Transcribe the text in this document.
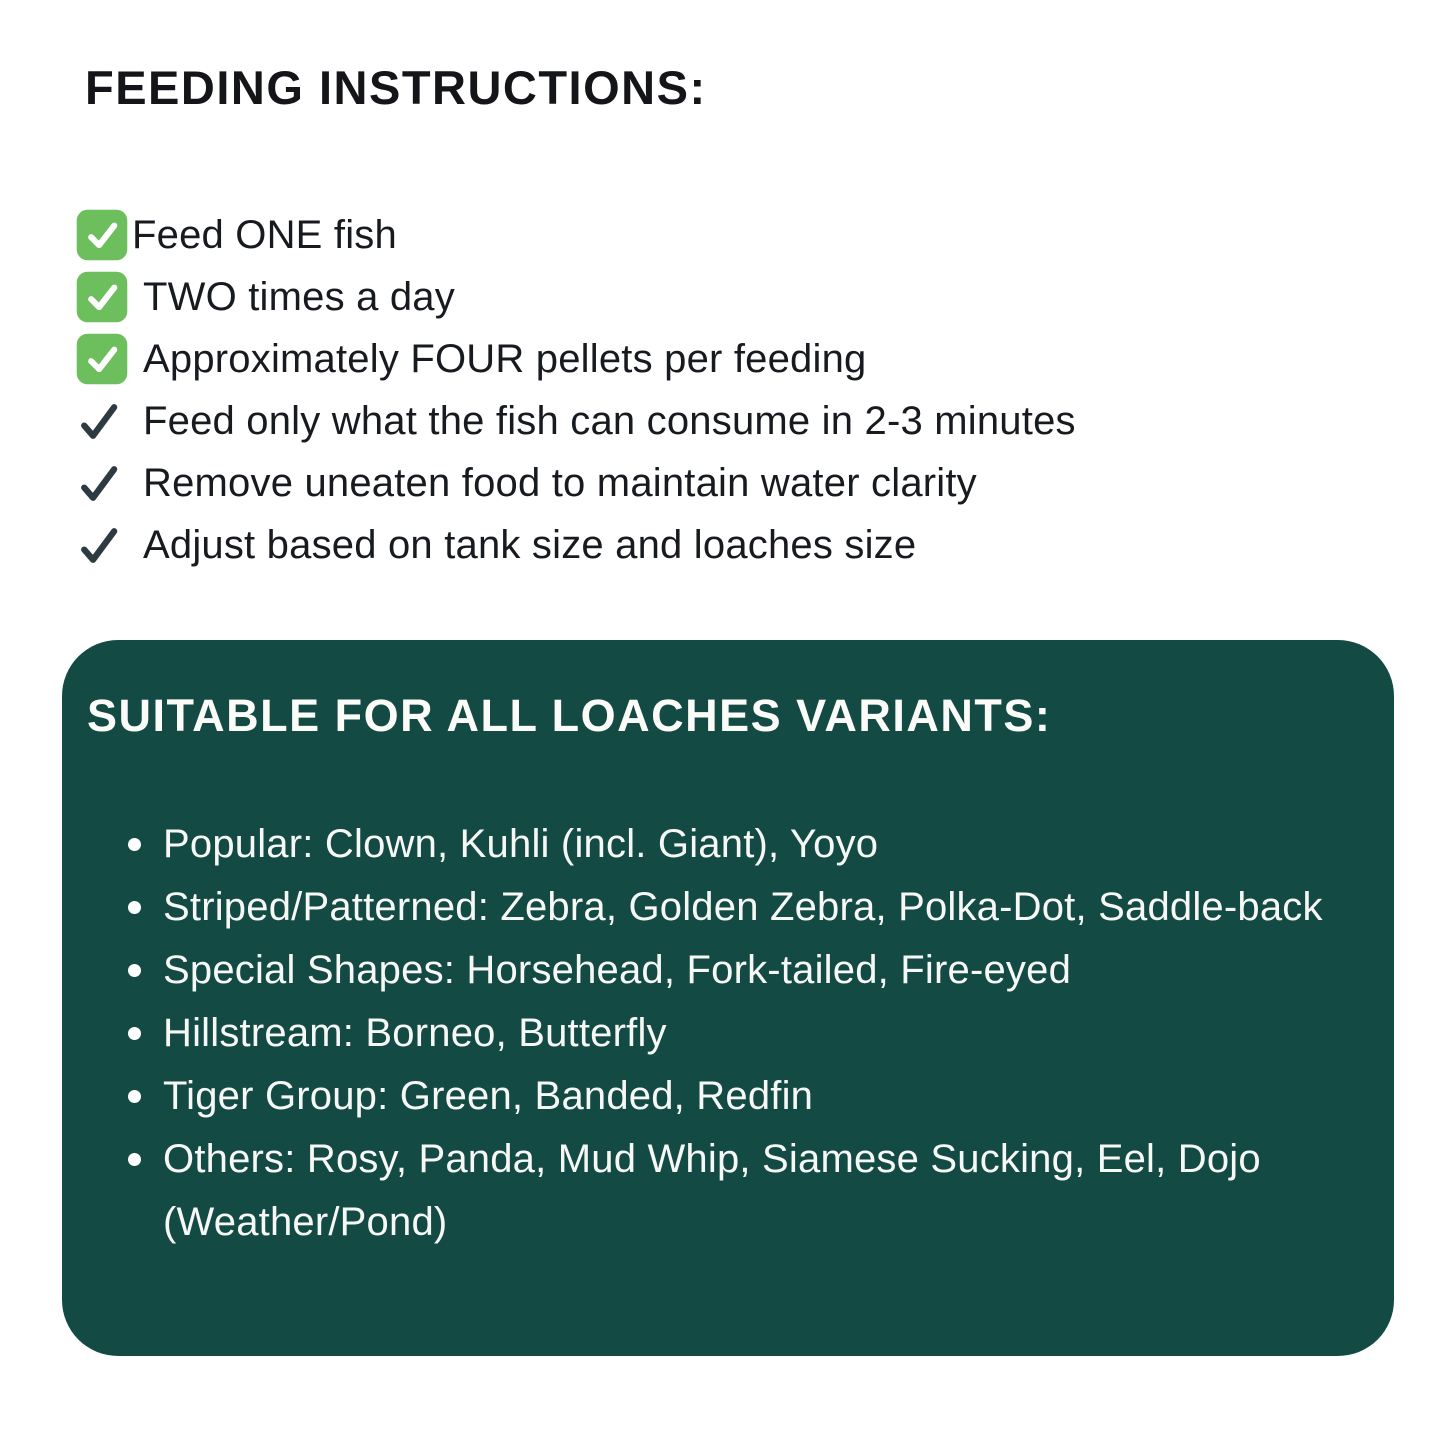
FEEDING INSTRUCTIONS:
Feed ONE fish
TWO times a day
Approximately FOUR pellets per feeding
Feed only what the fish can consume in 2-3 minutes
Remove uneaten food to maintain water clarity
Adjust based on tank size and loaches size
SUITABLE FOR ALL LOACHES VARIANTS:
Popular: Clown, Kuhli (incl. Giant), Yoyo
Striped/Patterned: Zebra, Golden Zebra, Polka-Dot, Saddle-back
Special Shapes: Horsehead, Fork-tailed, Fire-eyed
Hillstream: Borneo, Butterfly
Tiger Group: Green, Banded, Redfin
Others: Rosy, Panda, Mud Whip, Siamese Sucking, Eel, Dojo (Weather/Pond)
